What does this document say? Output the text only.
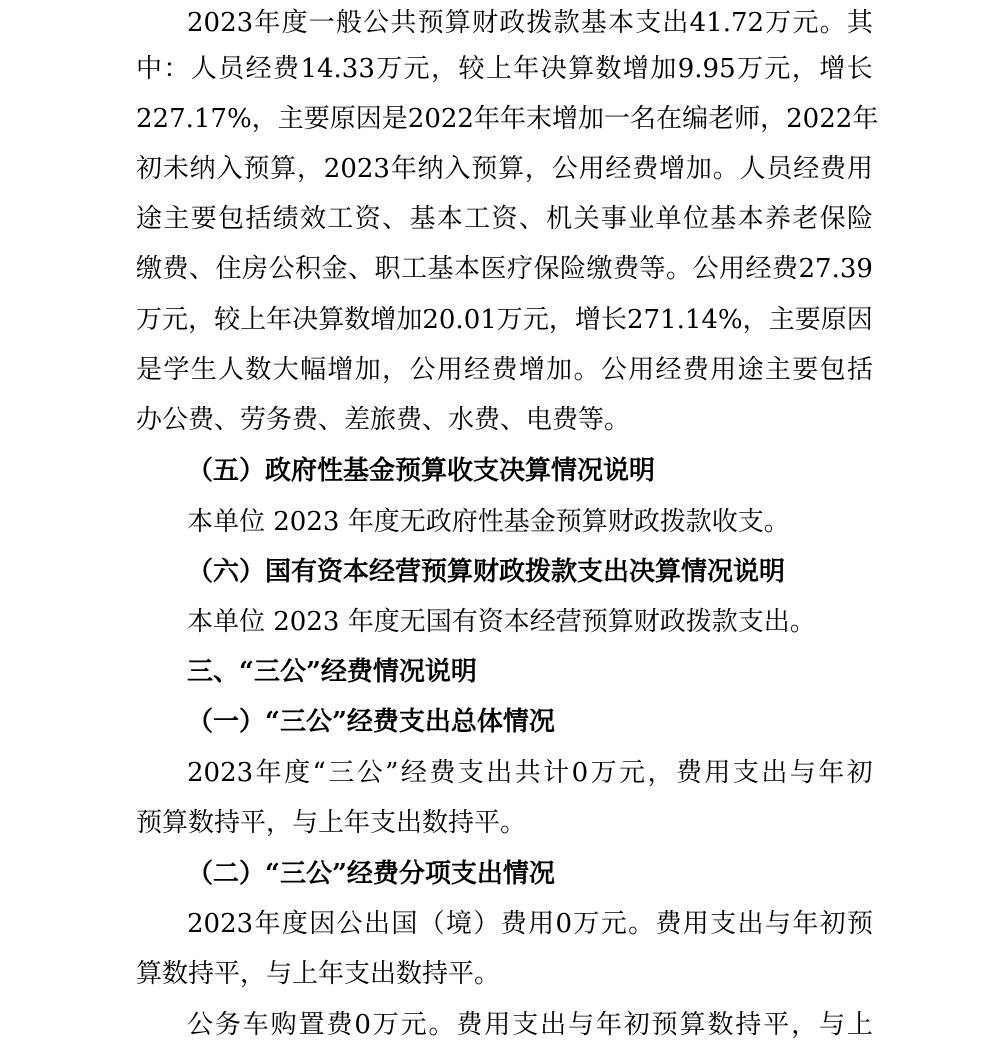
2023 年 度 一 般 公 共 预 算 财 政 拨 款 基 本 支 出 41.72 万 元 。 其
中 ： 人 员 经 费 14.33 万 元 ， 较 上 年 决 算 数 增 加 9.95 万 元 ， 增 长
227.17% ， 主 要 原 因 是 2022 年 年 末 增 加 一 名 在 编 老 师 ， 2022 年
初 未 纳 入 预 算 ， 2023 年 纳 入 预 算 ， 公 用 经 费 增 加 。 人 员 经 费 用
途 主 要 包 括 绩 效 工 资 、 基 本 工 资 、 机 关 事 业 单 位 基 本 养 老 保 险
缴 费 、 住 房 公 积 金 、 职 工 基 本 医 疗 保 险 缴 费 等 。 公 用 经 费 27.39
万 元 ， 较 上 年 决 算 数 增 加 20.01 万 元 ， 增 长 271.14% ， 主 要 原 因
是 学 生 人 数 大 幅 增 加 ， 公 用 经 费 增 加 。 公 用 经 费 用 途 主 要 包 括
办公费、劳务费、差旅费、水费、电费等。
（五）政府性基金预算收支决算情况说明
本单位 2023 年度无政府性基金预算财政拨款收支。
（六）国有资本经营预算财政拨款支出决算情况说明
本单位 2023 年度无国有资本经营预算财政拨款支出。
三、“三公”经费情况说明
（一）“三公”经费支出总体情况
2023 年 度 “ 三 公 ” 经 费 支 出 共 计 0 万 元 ， 费 用 支 出 与 年 初
预算数持平，与上年支出数持平。
（二）“三公”经费分项支出情况
2023 年 度 因 公 出 国 （ 境 ） 费 用 0 万 元 。 费 用 支 出 与 年 初 预
算数持平，与上年支出数持平。
公 务 车 购 置 费 0 万 元 。 费 用 支 出 与 年 初 预 算 数 持 平 ， 与 上
